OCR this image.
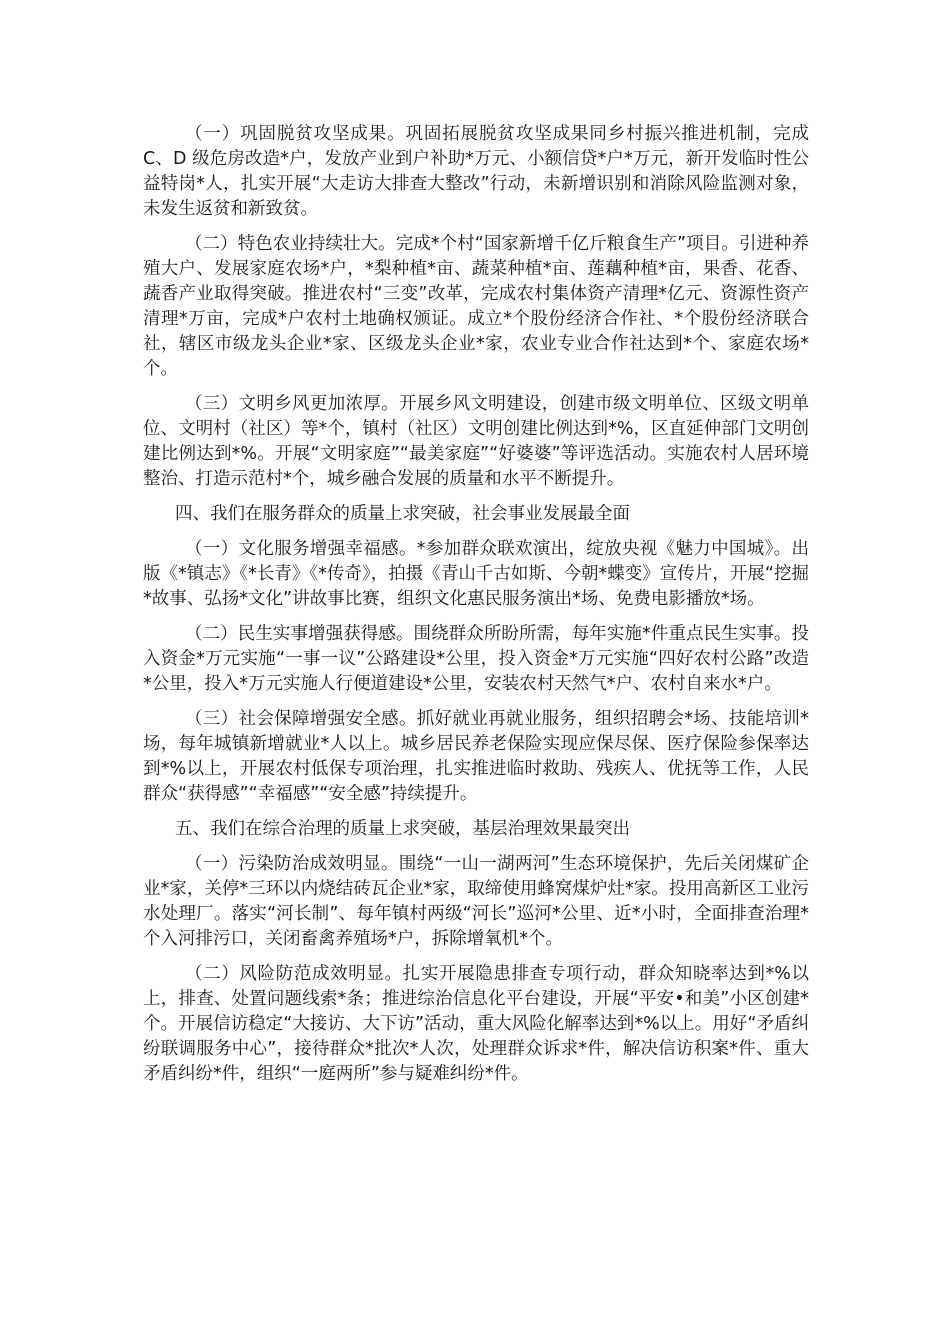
（一）巩固脱贫攻坚成果。巩固拓展脱贫攻坚成果同乡村振兴推进机制，完成 C、D 级危房改造*户，发放产业到户补助*万元、小额信贷*户*万元，新开发临时性公益特岗*人，扎实开展“大走访大排查大整改”行动，未新增识别和消除风险监测对象，未发生返贫和新致贫。

（二）特色农业持续壮大。完成*个村“国家新增千亿斤粮食生产”项目。引进种养殖大户、发展家庭农场*户，*梨种植*亩、蔬菜种植*亩、莲藕种植*亩，果香、花香、蔬香产业取得突破。推进农村“三变”改革，完成农村集体资产清理*亿元、资源性资产清理*万亩，完成*户农村土地确权颁证。成立*个股份经济合作社、*个股份经济联合社，辖区市级龙头企业*家、区级龙头企业*家，农业专业合作社达到*个、家庭农场*个。

（三）文明乡风更加浓厚。开展乡风文明建设，创建市级文明单位、区级文明单位、文明村（社区）等*个，镇村（社区）文明创建比例达到*%，区直延伸部门文明创建比例达到*%。开展“文明家庭”“最美家庭”“好婆婆”等评选活动。实施农村人居环境整治、打造示范村*个，城乡融合发展的质量和水平不断提升。

四、我们在服务群众的质量上求突破，社会事业发展最全面

（一）文化服务增强幸福感。*参加群众联欢演出，绽放央视《魅力中国城》。出版《*镇志》《*长青》《*传奇》，拍摄《青山千古如斯、今朝*蝶变》宣传片，开展“挖掘*故事、弘扬*文化”讲故事比赛，组织文化惠民服务演出*场、免费电影播放*场。

（二）民生实事增强获得感。围绕群众所盼所需，每年实施*件重点民生实事。投入资金*万元实施“一事一议”公路建设*公里，投入资金*万元实施“四好农村公路”改造*公里，投入*万元实施人行便道建设*公里，安装农村天然气*户、农村自来水*户。

（三）社会保障增强安全感。抓好就业再就业服务，组织招聘会*场、技能培训*场，每年城镇新增就业*人以上。城乡居民养老保险实现应保尽保、医疗保险参保率达到*%以上，开展农村低保专项治理，扎实推进临时救助、残疾人、优抚等工作，人民群众“获得感”“幸福感”“安全感”持续提升。

五、我们在综合治理的质量上求突破，基层治理效果最突出

（一）污染防治成效明显。围绕“一山一湖两河”生态环境保护，先后关闭煤矿企业*家，关停*三环以内烧结砖瓦企业*家，取缔使用蜂窝煤炉灶*家。投用高新区工业污水处理厂。落实“河长制”、每年镇村两级“河长”巡河*公里、近*小时，全面排查治理*个入河排污口，关闭畜禽养殖场*户，拆除增氧机*个。

（二）风险防范成效明显。扎实开展隐患排查专项行动，群众知晓率达到*%以上，排查、处置问题线索*条；推进综治信息化平台建设，开展“平安•和美”小区创建*个。开展信访稳定“大接访、大下访”活动，重大风险化解率达到*%以上。用好“矛盾纠纷联调服务中心”，接待群众*批次*人次，处理群众诉求*件，解决信访积案*件、重大矛盾纠纷*件，组织“一庭两所”参与疑难纠纷*件。
